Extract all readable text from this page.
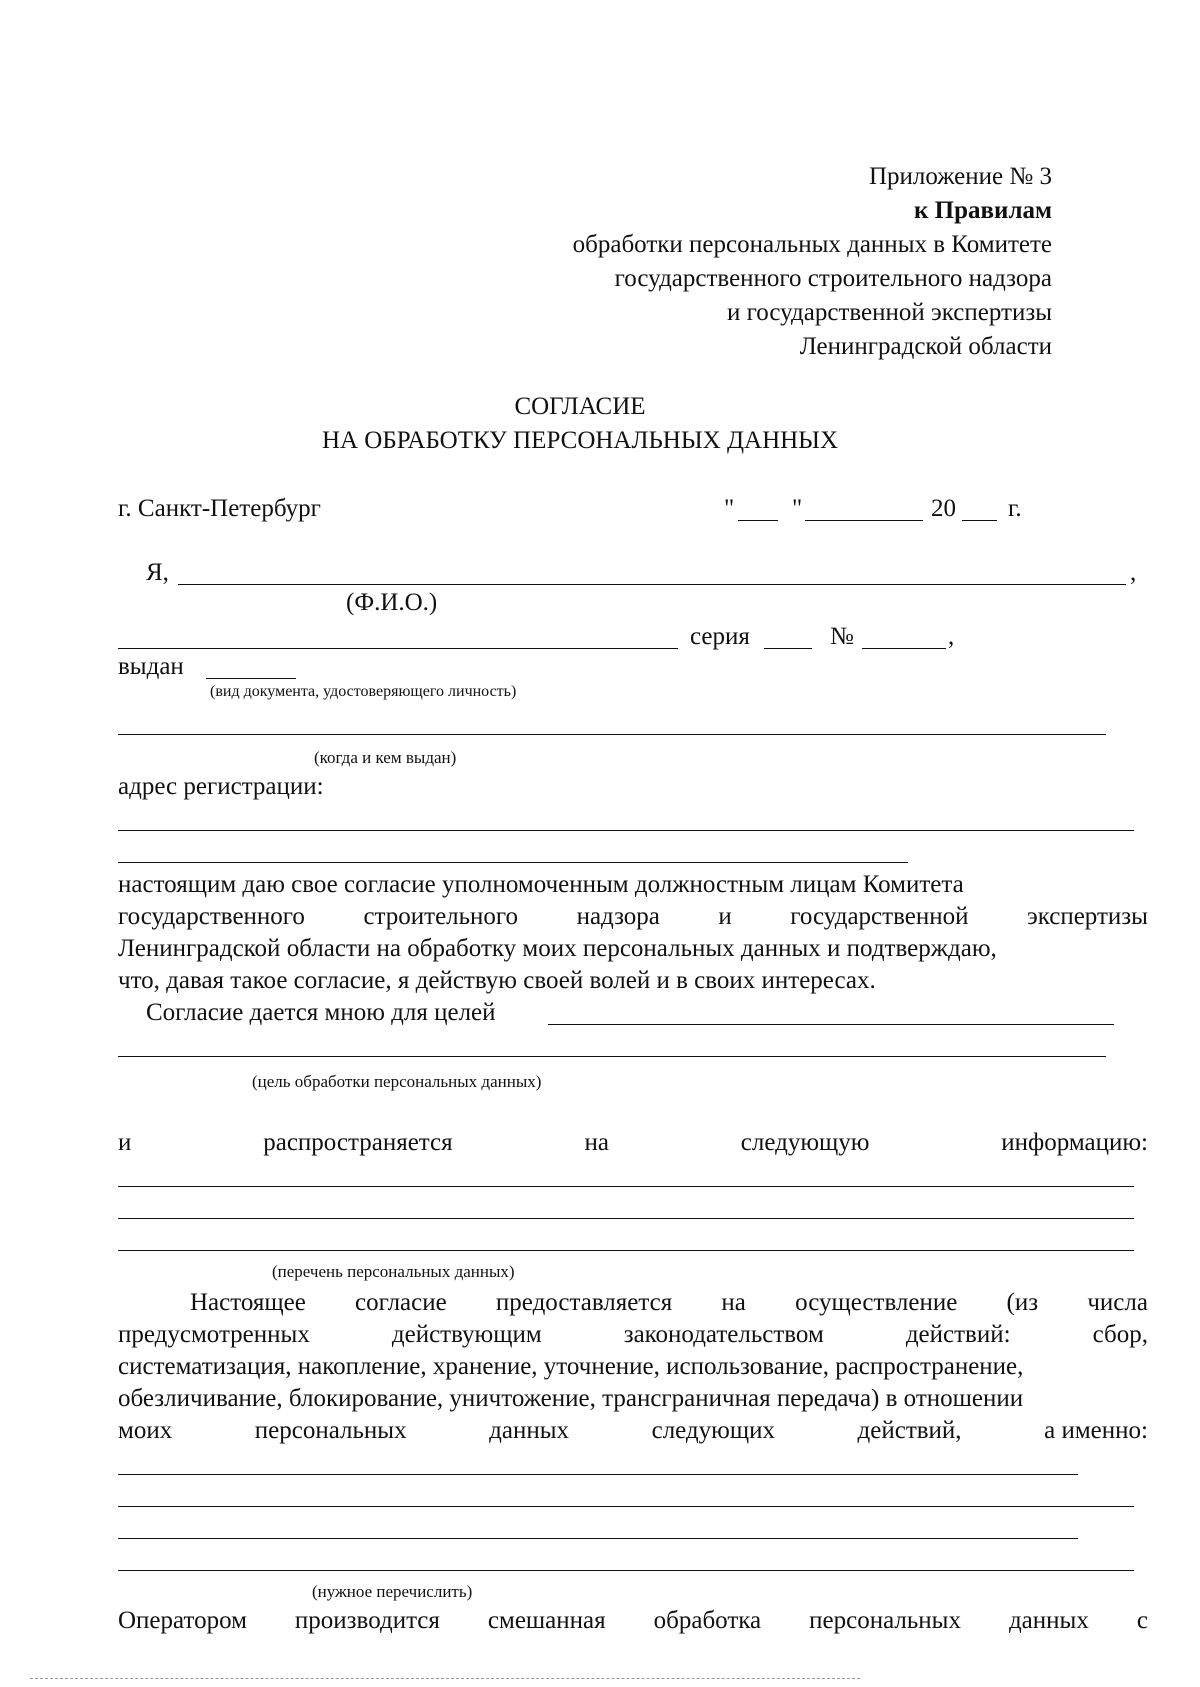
Приложение № 3
к Правилам
обработки персональных данных в Комитете
государственного строительного надзора
и государственной экспертизы
Ленинградской области
СОГЛАСИЕ
НА ОБРАБОТКУ ПЕРСОНАЛЬНЫХ ДАННЫХ
г. Санкт-Петербург	" "	20 г.
Я,	,
(Ф.И.О.)
серия	№	,
выдан
(вид документа, удостоверяющего личность)
(когда и кем выдан)
адрес регистрации:
настоящим даю свое согласие уполномоченным должностным лицам Комитета
государственного строительного надзора и государственной экспертизы
Ленинградской области на обработку моих персональных данных и подтверждаю,
что, давая такое согласие, я действую своей волей и в своих интересах.
Согласие дается мною для целей
(цель обработки персональных данных)
и	распространяется	на	следующую	информацию:
(перечень персональных данных)
Настоящее согласие предоставляется на осуществление (из числа
предусмотренных	действующим	законодательством	действий:	сбор,
систематизация, накопление, хранение, уточнение, использование, распространение,
обезличивание, блокирование, уничтожение, трансграничная передача) в отношении
моих	персональных	данных	следующих	действий,	а именно:
(нужное перечислить)
Оператором производится смешанная обработка персональных данных с
